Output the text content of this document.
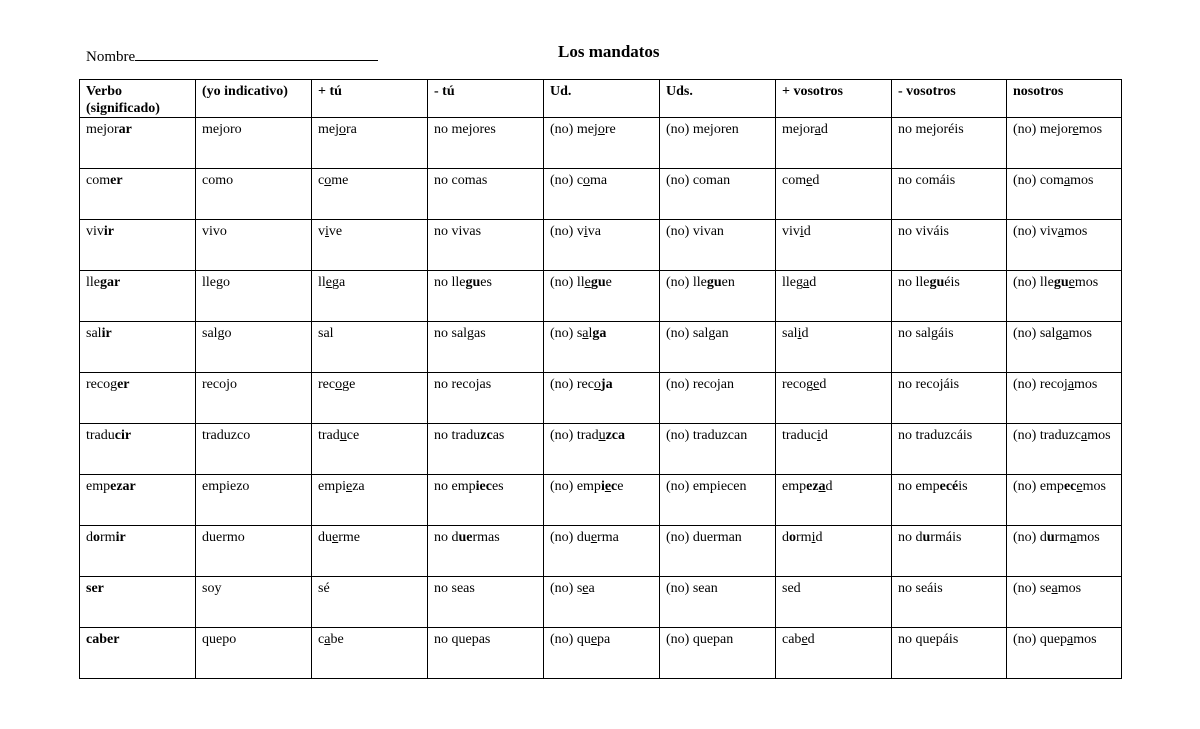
Nombre	Los mandatos
Verbo
(significado)	(yo indicativo)	+ tú	- tú	Ud.	Uds.	+ vosotros	- vosotros	nosotros
mejorar	mejoro	mejora	no mejores	(no) mejore	(no) mejoren	mejorad	no mejoréis	(no) mejoremos
comer	como	come	no comas	(no) coma	(no) coman	comed	no comáis	(no) comamos
vivir	vivo	vive	no vivas	(no) viva	(no) vivan	vivid	no viváis	(no) vivamos
llegar	llego	llega	no llegues	(no) llegue	(no) lleguen	llegad	no lleguéis	(no) lleguemos
salir	salgo	sal	no salgas	(no) salga	(no) salgan	salid	no salgáis	(no) salgamos
recoger	recojo	recoge	no recojas	(no) recoja	(no) recojan	recoged	no recojáis	(no) recojamos
traducir	traduzco	traduce	no traduzcas	(no) traduzca	(no) traduzcan	traducid	no traduzcáis	(no) traduzcamos
empezar	empiezo	empieza	no empieces	(no) empiece	(no) empiecen	empezad	no empecéis	(no) empecemos
dormir	duermo	duerme	no duermas	(no) duerma	(no) duerman	dormid	no durmáis	(no) durmamos
ser	soy	sé	no seas	(no) sea	(no) sean	sed	no seáis	(no) seamos
caber	quepo	cabe	no quepas	(no) quepa	(no) quepan	cabed	no quepáis	(no) quepamos
